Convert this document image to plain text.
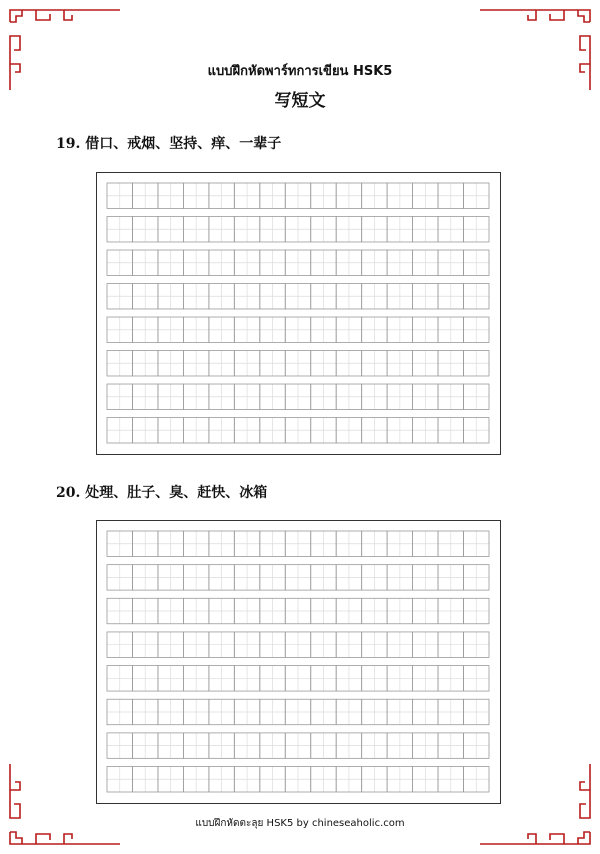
แบบฝึกหัดพาร์ทการเขียน HSK5
写短文
19. 借口、戒烟、坚持、痒、一辈子
20. 处理、肚子、臭、赶快、冰箱
แบบฝึกหัดตะลุย HSK5 by chineseaholic.com
